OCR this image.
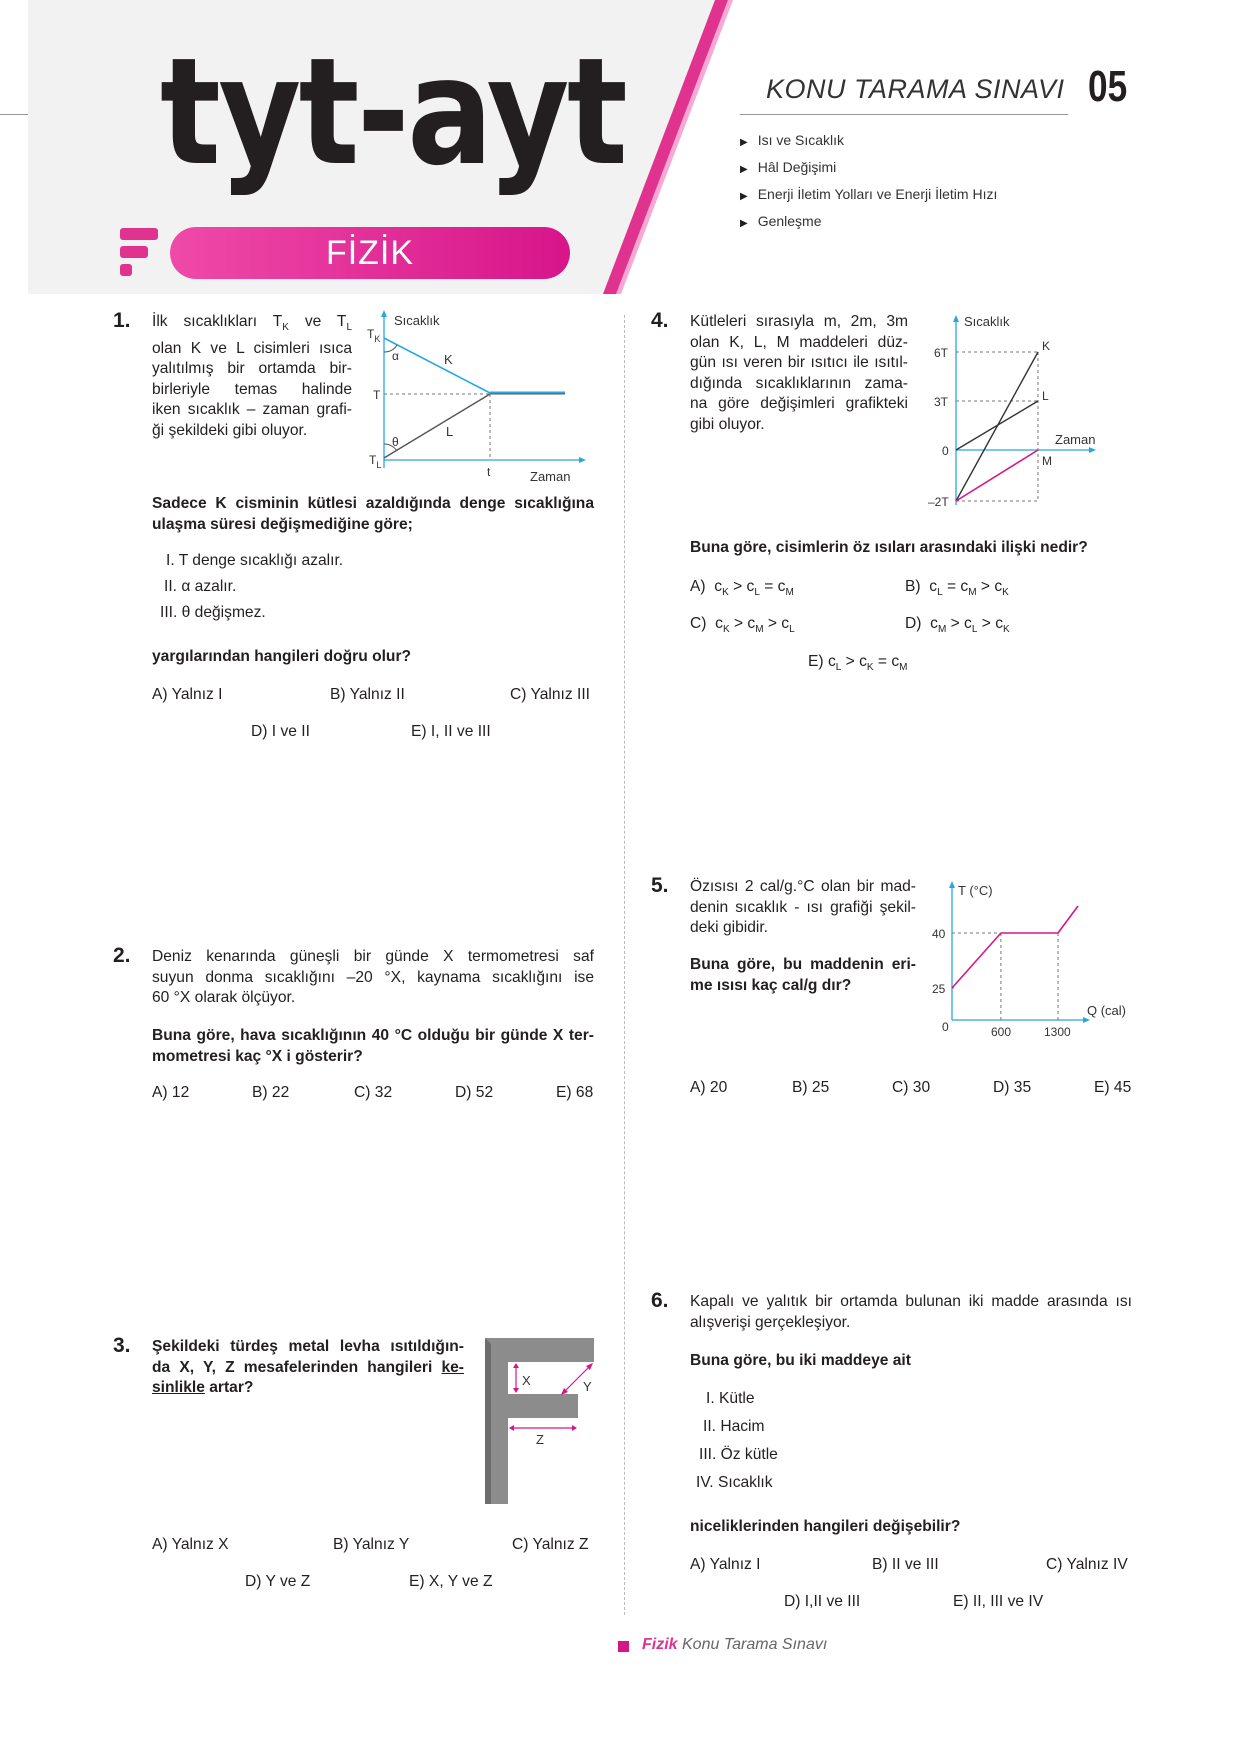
tyt-ayt
FİZİK
KONU TARAMA SINAVI 05
▶ Isı ve Sıcaklık
▶ Hâl Değişimi
▶ Enerji İletim Yolları ve Enerji İletim Hızı
▶ Genleşme
1. İlk sıcaklıkları $T_K$ ve $T_L$
olan K ve L cisimleri ısıca
yalıtılmış bir ortamda bir-
birleriyle temas halinde
iken sıcaklık – zaman grafi-
ği şekildeki gibi oluyor.
Sıcaklık
Zaman
$T_K$
T
$T_L$
K
L
α
θ
t
Sadece K cisminin kütlesi azaldığında denge sıcaklığına
ulaşma süresi değişmediğine göre;
I. T denge sıcaklığı azalır.
II. α azalır.
III. θ değişmez.
yargılarından hangileri doğru olur?
A) Yalnız I	B) Yalnız II	C) Yalnız III
D) I ve II	E) I, II ve III
2. Deniz kenarında güneşli bir günde X termometresi saf
suyun donma sıcaklığını –20 °X, kaynama sıcaklığını ise
60 °X olarak ölçüyor.
Buna göre, hava sıcaklığının 40 °C olduğu bir günde X ter-
mometresi kaç °X i gösterir?
A) 12	B) 22	C) 32	D) 52	E) 68
3. Şekildeki türdeş metal levha ısıtıldığın-
da X, Y, Z mesafelerinden hangileri ke-
sinlikle artar?	X	Y
Z
A) Yalnız X	B) Yalnız Y	C) Yalnız Z
D) Y ve Z	E) X, Y ve Z
4. Kütleleri sırasıyla m, 2m, 3m
olan K, L, M maddeleri düz-
gün ısı veren bir ısıtıcı ile ısıtıl-
dığında sıcaklıklarının zama-
na göre değişimleri grafikteki
gibi oluyor.
Sıcaklık
Zaman
6T
3T
0
–2T
K
L
M
Buna göre, cisimlerin öz ısıları arasındaki ilişki nedir?
A) $c_K > c_L = c_M$	B) $c_L = c_M > c_K$
C) $c_K > c_M > c_L$	D) $c_M > c_L > c_K$
E) $c_L > c_K = c_M$
5. Özısısı 2 cal/g.°C olan bir mad-
denin sıcaklık - ısı grafiği şekil-
deki gibidir.
Buna göre, bu maddenin eri-
me ısısı kaç cal/g dır?
T (°C)
Q (cal)
40
25
0	600	1300
A) 20	B) 25	C) 30	D) 35	E) 45
6. Kapalı ve yalıtık bir ortamda bulunan iki madde arasında ısı
alışverişi gerçekleşiyor.
Buna göre, bu iki maddeye ait
I. Kütle
II. Hacim
III. Öz kütle
IV. Sıcaklık
niceliklerinden hangileri değişebilir?
A) Yalnız I	B) II ve III	C) Yalnız IV
D) I,II ve III	E) II, III ve IV
Fizik Konu Tarama Sınavı
